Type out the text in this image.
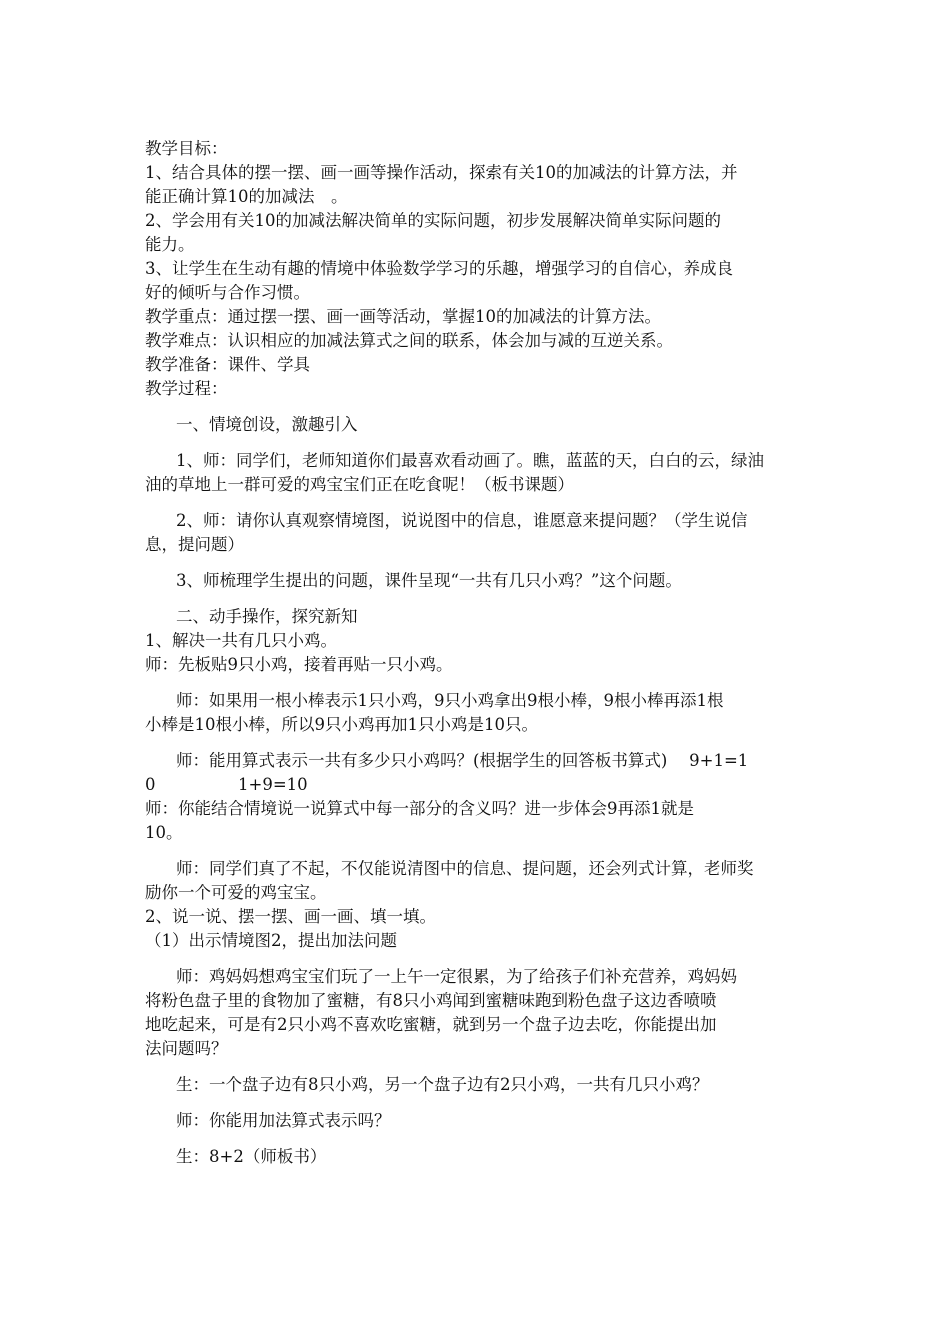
教学目标：

1、结合具体的摆一摆、画一画等操作活动，探索有关10的加减法的计算方法，并

能正确计算10的加减法　。

2、学会用有关10的加减法解决简单的实际问题，初步发展解决简单实际问题的

能力。

3、让学生在生动有趣的情境中体验数学学习的乐趣，增强学习的自信心，养成良

好的倾听与合作习惯。

教学重点：通过摆一摆、画一画等活动，掌握10的加减法的计算方法。

教学难点：认识相应的加减法算式之间的联系，体会加与减的互逆关系。

教学准备：课件、学具

教学过程：

一、情境创设，激趣引入

1、师：同学们，老师知道你们最喜欢看动画了。瞧，蓝蓝的天，白白的云，绿油

油的草地上一群可爱的鸡宝宝们正在吃食呢！（板书课题）

2、师：请你认真观察情境图，说说图中的信息，谁愿意来提问题？（学生说信

息，提问题）

3、师梳理学生提出的问题，课件呈现“一共有几只小鸡？”这个问题。

二、动手操作，探究新知

1、解决一共有几只小鸡。

师：先板贴9只小鸡，接着再贴一只小鸡。

师：如果用一根小棒表示1只小鸡，9只小鸡拿出9根小棒，9根小棒再添1根

小棒是10根小棒，所以9只小鸡再加1只小鸡是10只。

师：能用算式表示一共有多少只小鸡吗？(根据学生的回答板书算式)　 9+1=1

0　　　　　1+9=10

师：你能结合情境说一说算式中每一部分的含义吗？进一步体会9再添1就是

10。

师：同学们真了不起，不仅能说清图中的信息、提问题，还会列式计算，老师奖

励你一个可爱的鸡宝宝。

2、说一说、摆一摆、画一画、填一填。

（1）出示情境图2，提出加法问题

师：鸡妈妈想鸡宝宝们玩了一上午一定很累，为了给孩子们补充营养，鸡妈妈

将粉色盘子里的食物加了蜜糖，有8只小鸡闻到蜜糖味跑到粉色盘子这边香喷喷

地吃起来，可是有2只小鸡不喜欢吃蜜糖，就到另一个盘子边去吃，你能提出加

法问题吗？

生：一个盘子边有8只小鸡，另一个盘子边有2只小鸡，一共有几只小鸡？

师：你能用加法算式表示吗？

生：8+2（师板书）
